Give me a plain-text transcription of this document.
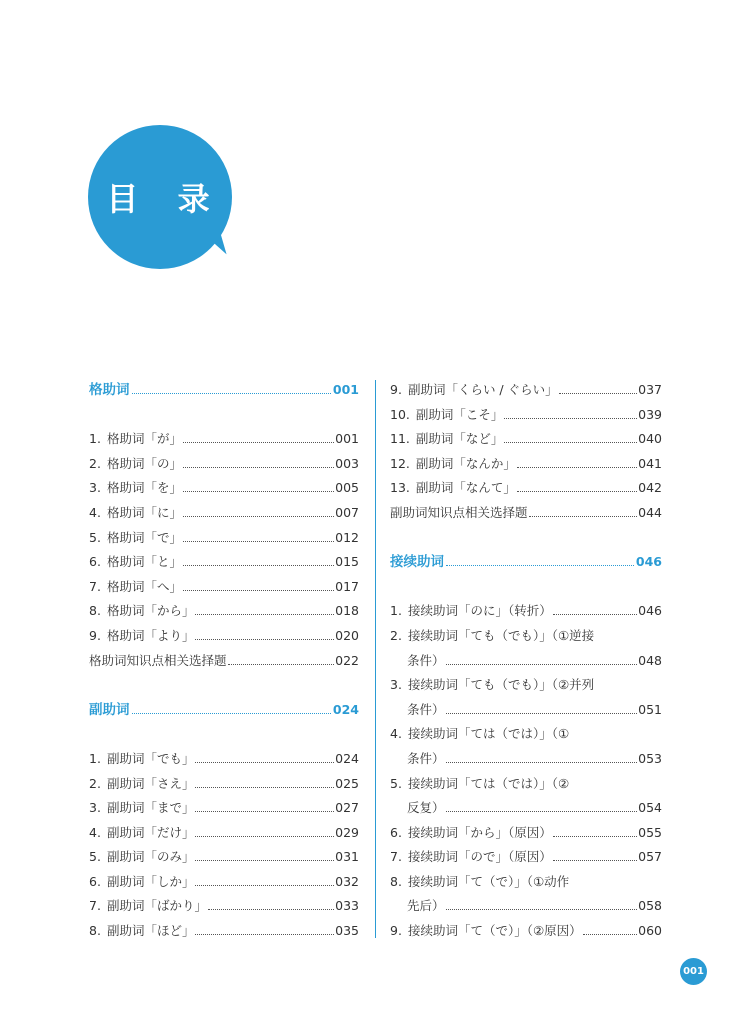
目 录
格助词	001
1. 格助词「が」	001
2. 格助词「の」	003
3. 格助词「を」	005
4. 格助词「に」	007
5. 格助词「で」	012
6. 格助词「と」	015
7. 格助词「へ」	017
8. 格助词「から」	018
9. 格助词「より」	020
格助词知识点相关选择题	022
副助词	024
1. 副助词「でも」	024
2. 副助词「さえ」	025
3. 副助词「まで」	027
4. 副助词「だけ」	029
5. 副助词「のみ」	031
6. 副助词「しか」	032
7. 副助词「ばかり」	033
8. 副助词「ほど」	035
9. 副助词「くらい / ぐらい」	037
10. 副助词「こそ」	039
11. 副助词「など」	040
12. 副助词「なんか」	041
13. 副助词「なんて」	042
副助词知识点相关选择题	044
接续助词	046
1. 接续助词「のに」（转折）	046
2. 接续助词「ても（でも）」（①逆接
条件）	048
3. 接续助词「ても（でも）」（②并列
条件）	051
4. 接续助词「ては（では）」（①
条件）	053
5. 接续助词「ては（では）」（②
反复）	054
6. 接续助词「から」（原因）	055
7. 接续助词「ので」（原因）	057
8. 接续助词「て（で）」（①动作
先后）	058
9. 接续助词「て（で）」（②原因）	060
001
